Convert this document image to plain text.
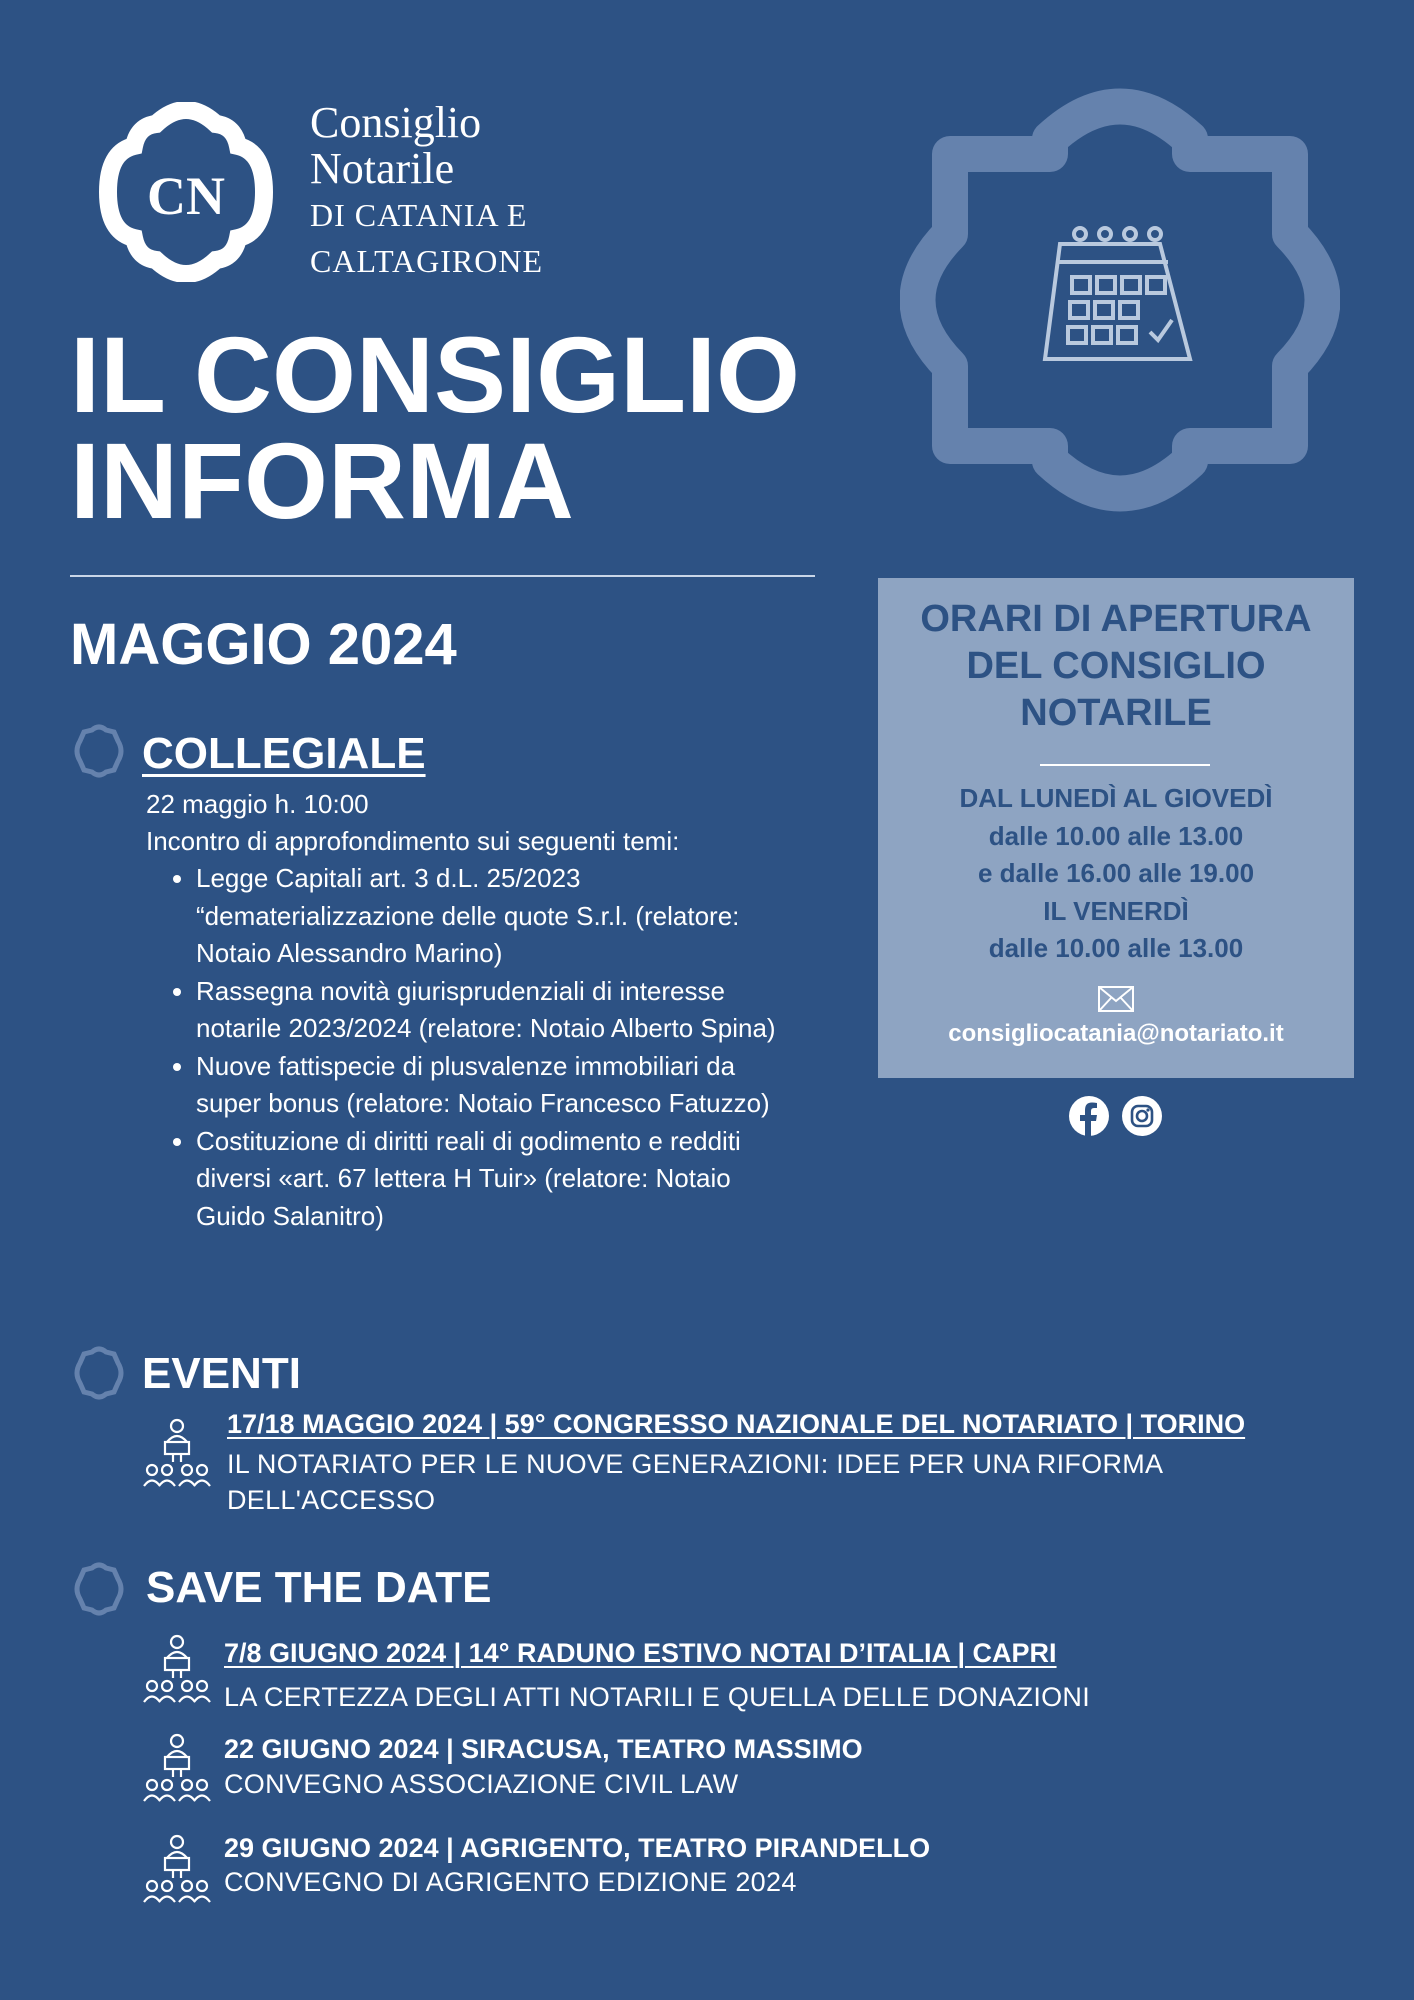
CN
Consiglio
Notarile
DI CATANIA E
CALTAGIRONE
IL CONSIGLIO
INFORMA
MAGGIO 2024
COLLEGIALE

22 maggio h. 10:00

Incontro di approfondimento sui seguenti temi:

• Legge Capitali art. 3 d.L. 25/2023 “dematerializzazione delle quote S.r.l. (relatore: Notaio Alessandro Marino)
• Rassegna novità giurisprudenziali di interesse notarile 2023/2024 (relatore: Notaio Alberto Spina)
• Nuove fattispecie di plusvalenze immobiliari da super bonus (relatore: Notaio Francesco Fatuzzo)
• Costituzione di diritti reali di godimento e redditi diversi «art. 67 lettera H Tuir» (relatore: Notaio Guido Salanitro)
EVENTI
17/18 MAGGIO 2024 | 59° CONGRESSO NAZIONALE DEL NOTARIATO | TORINO
IL NOTARIATO PER LE NUOVE GENERAZIONI: IDEE PER UNA RIFORMA
DELL'ACCESSO
SAVE THE DATE
7/8 GIUGNO 2024 | 14° RADUNO ESTIVO NOTAI D’ITALIA | CAPRI
LA CERTEZZA DEGLI ATTI NOTARILI E QUELLA DELLE DONAZIONI
22 GIUGNO 2024 | SIRACUSA, TEATRO MASSIMO
CONVEGNO ASSOCIAZIONE CIVIL LAW
29 GIUGNO 2024 | AGRIGENTO, TEATRO PIRANDELLO
CONVEGNO DI AGRIGENTO EDIZIONE 2024
ORARI DI APERTURA
DEL CONSIGLIO
NOTARILE
DAL LUNEDÌ AL GIOVEDÌ
dalle 10.00 alle 13.00
e dalle 16.00 alle 19.00
IL VENERDÌ
dalle 10.00 alle 13.00
consigliocatania@notariato.it
